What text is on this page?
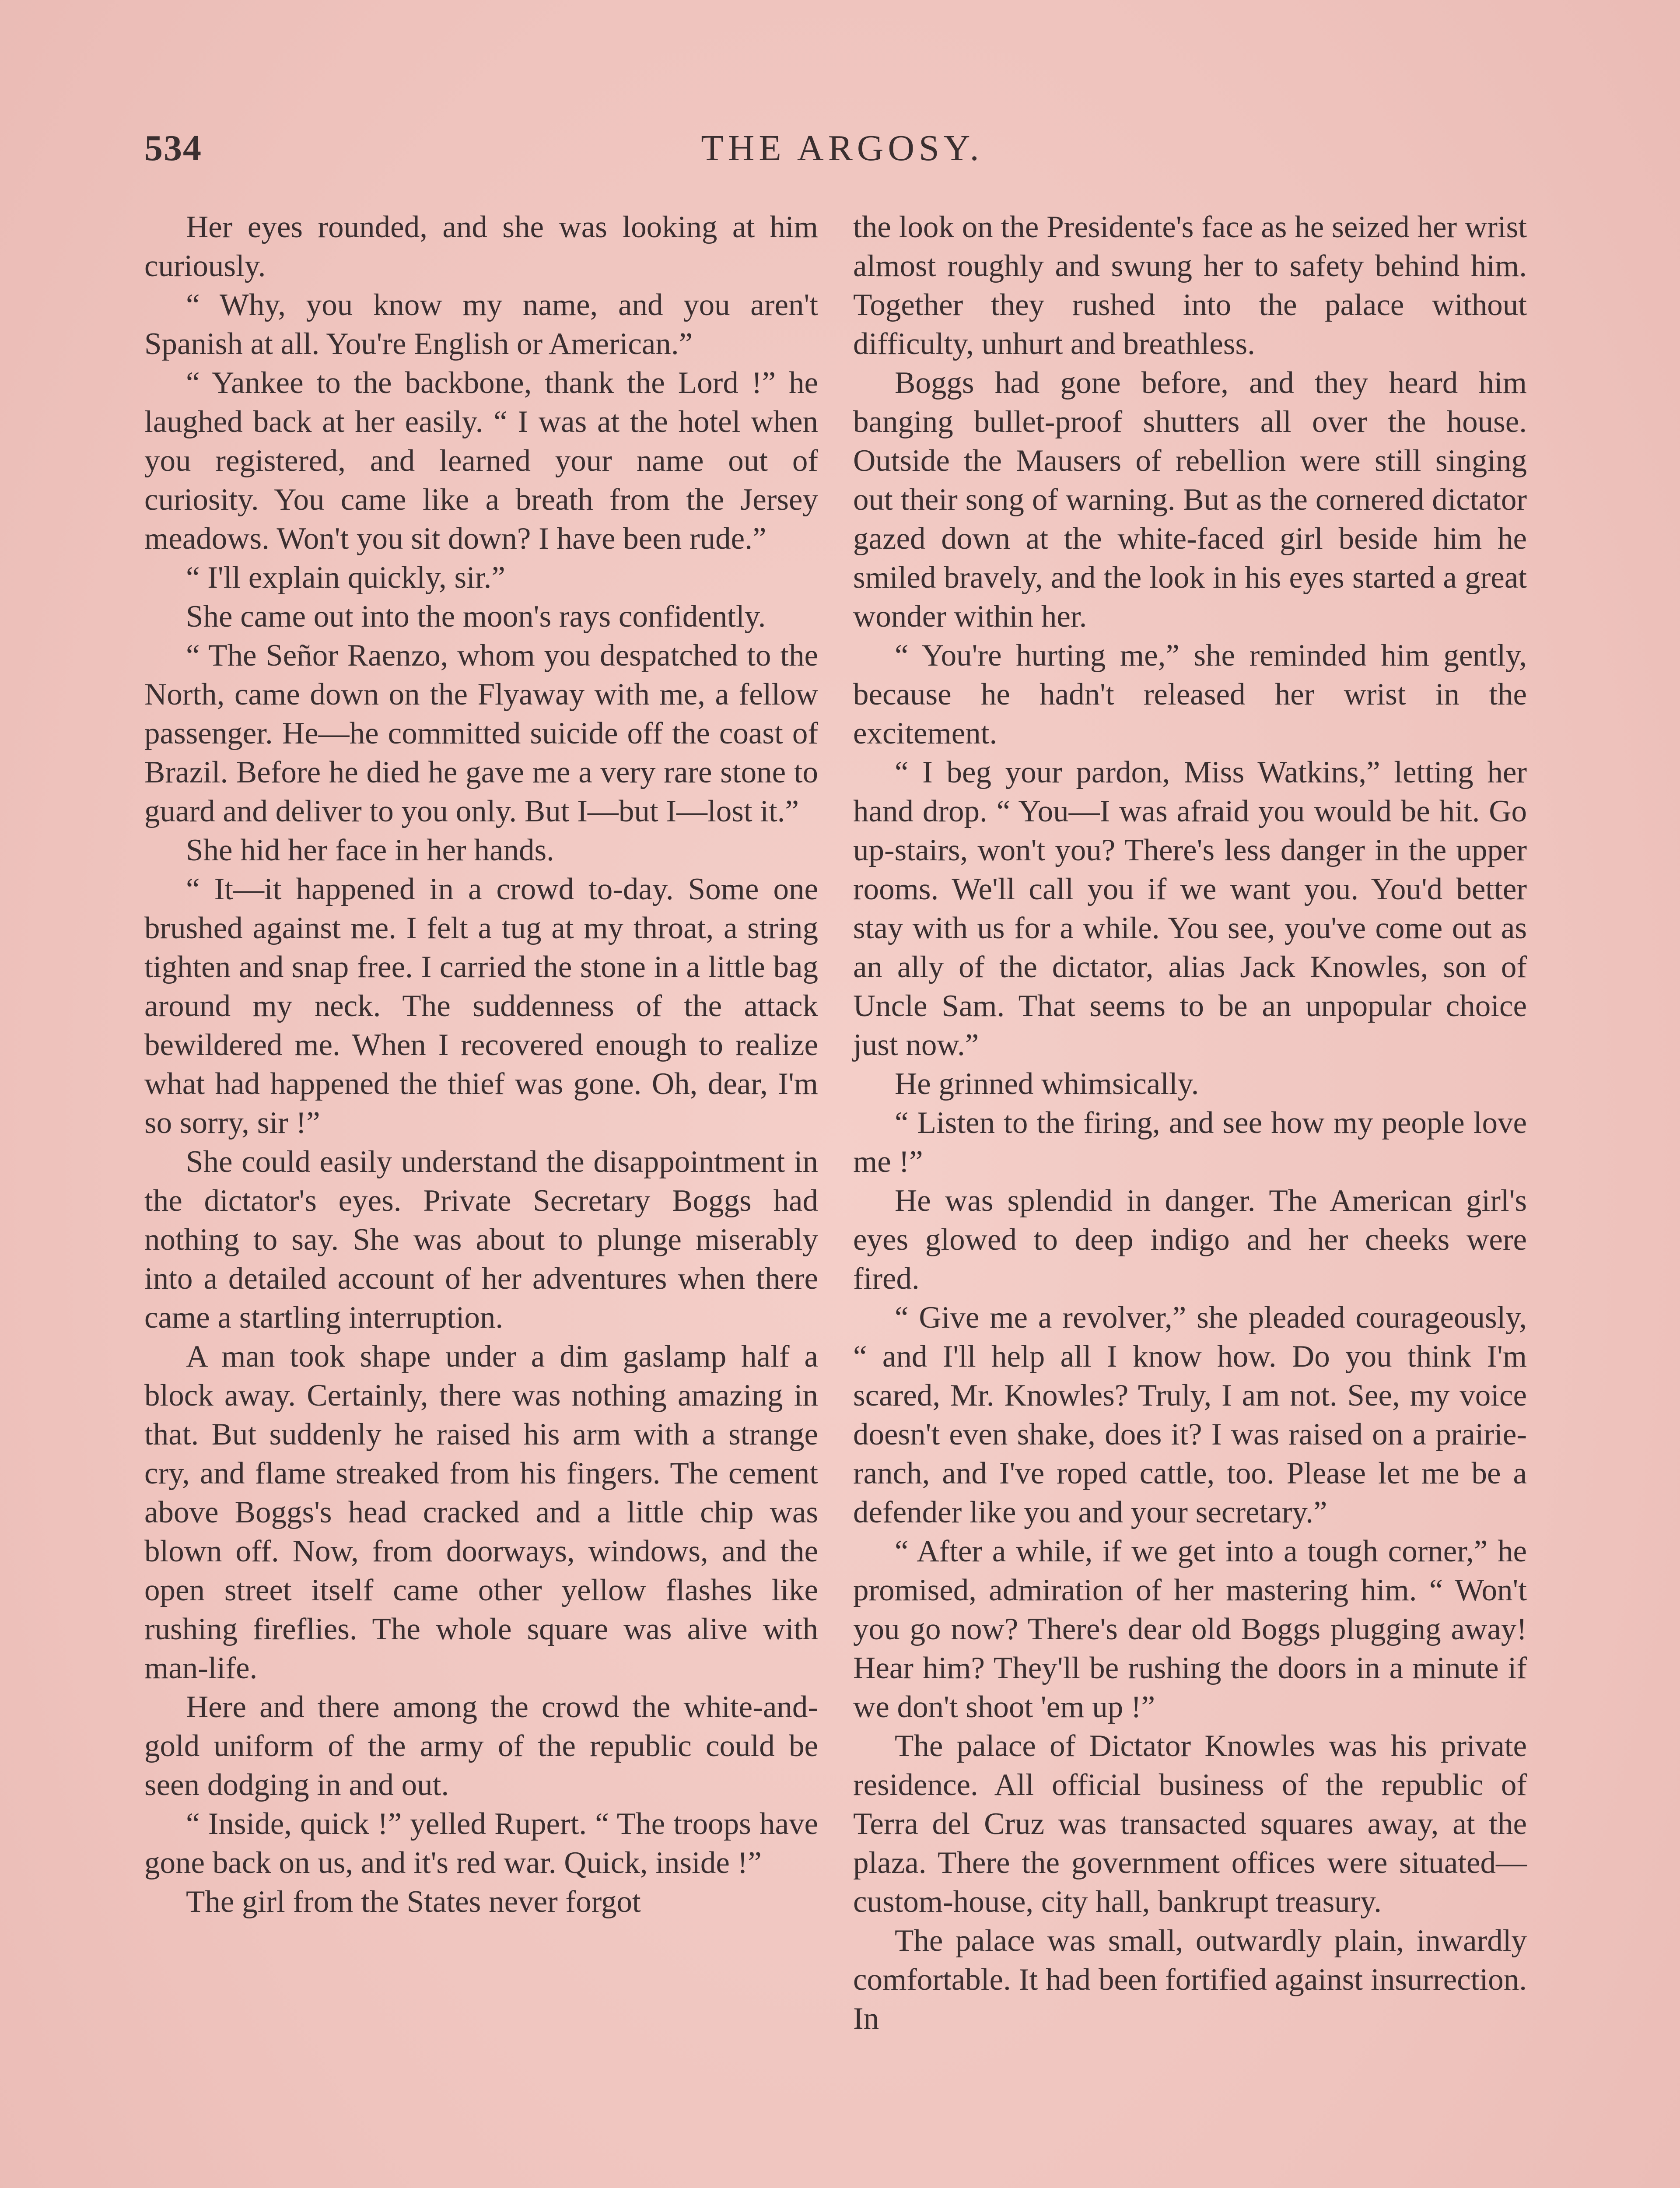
534	THE ARGOSY.

Her eyes rounded, and she was looking at him curiously.

“ Why, you know my name, and you aren't Spanish at all. You're English or American.”

“ Yankee to the backbone, thank the Lord !” he laughed back at her easily. “ I was at the hotel when you registered, and learned your name out of curiosity. You came like a breath from the Jersey meadows. Won't you sit down? I have been rude.”

“ I'll explain quickly, sir.”

She came out into the moon's rays confidently.

“ The Señor Raenzo, whom you despatched to the North, came down on the Flyaway with me, a fellow passenger. He—he committed suicide off the coast of Brazil. Before he died he gave me a very rare stone to guard and deliver to you only. But I—but I—lost it.”

She hid her face in her hands.

“ It—it happened in a crowd to-day. Some one brushed against me. I felt a tug at my throat, a string tighten and snap free. I carried the stone in a little bag around my neck. The suddenness of the attack bewildered me. When I recovered enough to realize what had happened the thief was gone. Oh, dear, I'm so sorry, sir !”

She could easily understand the disappointment in the dictator's eyes. Private Secretary Boggs had nothing to say. She was about to plunge miserably into a detailed account of her adventures when there came a startling interruption.

A man took shape under a dim gaslamp half a block away. Certainly, there was nothing amazing in that. But suddenly he raised his arm with a strange cry, and flame streaked from his fingers. The cement above Boggs's head cracked and a little chip was blown off. Now, from doorways, windows, and the open street itself came other yellow flashes like rushing fireflies. The whole square was alive with man-life.

Here and there among the crowd the white-and-gold uniform of the army of the republic could be seen dodging in and out.

“ Inside, quick !” yelled Rupert. “ The troops have gone back on us, and it's red war. Quick, inside !”

The girl from the States never forgot

the look on the Presidente's face as he seized her wrist almost roughly and swung her to safety behind him. Together they rushed into the palace without difficulty, unhurt and breathless.

Boggs had gone before, and they heard him banging bullet-proof shutters all over the house. Outside the Mausers of rebellion were still singing out their song of warning. But as the cornered dictator gazed down at the white-faced girl beside him he smiled bravely, and the look in his eyes started a great wonder within her.

“ You're hurting me,” she reminded him gently, because he hadn't released her wrist in the excitement.

“ I beg your pardon, Miss Watkins,” letting her hand drop. “ You—I was afraid you would be hit. Go up-stairs, won't you? There's less danger in the upper rooms. We'll call you if we want you. You'd better stay with us for a while. You see, you've come out as an ally of the dictator, alias Jack Knowles, son of Uncle Sam. That seems to be an unpopular choice just now.”

He grinned whimsically.

“ Listen to the firing, and see how my people love me !”

He was splendid in danger. The American girl's eyes glowed to deep indigo and her cheeks were fired.

“ Give me a revolver,” she pleaded courageously, “ and I'll help all I know how. Do you think I'm scared, Mr. Knowles? Truly, I am not. See, my voice doesn't even shake, does it? I was raised on a prairie-ranch, and I've roped cattle, too. Please let me be a defender like you and your secretary.”

“ After a while, if we get into a tough corner,” he promised, admiration of her mastering him. “ Won't you go now? There's dear old Boggs plugging away! Hear him? They'll be rushing the doors in a minute if we don't shoot 'em up !”

The palace of Dictator Knowles was his private residence. All official business of the republic of Terra del Cruz was transacted squares away, at the plaza. There the government offices were situated—custom-house, city hall, bankrupt treasury.

The palace was small, outwardly plain, inwardly comfortable. It had been fortified against insurrection. In
